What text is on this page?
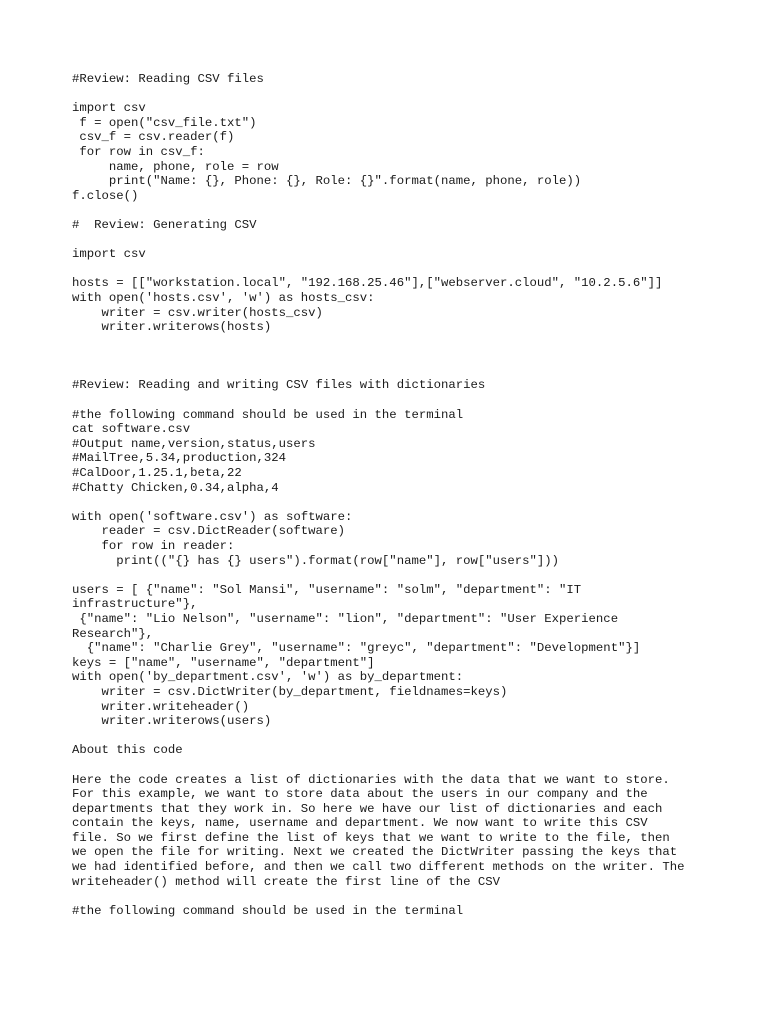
#Review: Reading CSV files
import csv
f = open("csv_file.txt")
csv_f = csv.reader(f)
for row in csv_f:
name, phone, role = row
print("Name: {}, Phone: {}, Role: {}".format(name, phone, role))
f.close()
#  Review: Generating CSV
import csv
hosts = [["workstation.local", "192.168.25.46"],["webserver.cloud", "10.2.5.6"]]
with open('hosts.csv', 'w') as hosts_csv:
writer = csv.writer(hosts_csv)
writer.writerows(hosts)
#Review: Reading and writing CSV files with dictionaries
#the following command should be used in the terminal
cat software.csv
#Output name,version,status,users
#MailTree,5.34,production,324
#CalDoor,1.25.1,beta,22
#Chatty Chicken,0.34,alpha,4
with open('software.csv') as software:
reader = csv.DictReader(software)
for row in reader:
print(("{} has {} users").format(row["name"], row["users"]))
users = [ {"name": "Sol Mansi", "username": "solm", "department": "IT
infrastructure"},
{"name": "Lio Nelson", "username": "lion", "department": "User Experience
Research"},
{"name": "Charlie Grey", "username": "greyc", "department": "Development"}]
keys = ["name", "username", "department"]
with open('by_department.csv', 'w') as by_department:
writer = csv.DictWriter(by_department, fieldnames=keys)
writer.writeheader()
writer.writerows(users)
About this code
Here the code creates a list of dictionaries with the data that we want to store.
For this example, we want to store data about the users in our company and the
departments that they work in. So here we have our list of dictionaries and each
contain the keys, name, username and department. We now want to write this CSV
file. So we first define the list of keys that we want to write to the file, then
we open the file for writing. Next we created the DictWriter passing the keys that
we had identified before, and then we call two different methods on the writer. The
writeheader() method will create the first line of the CSV
#the following command should be used in the terminal
